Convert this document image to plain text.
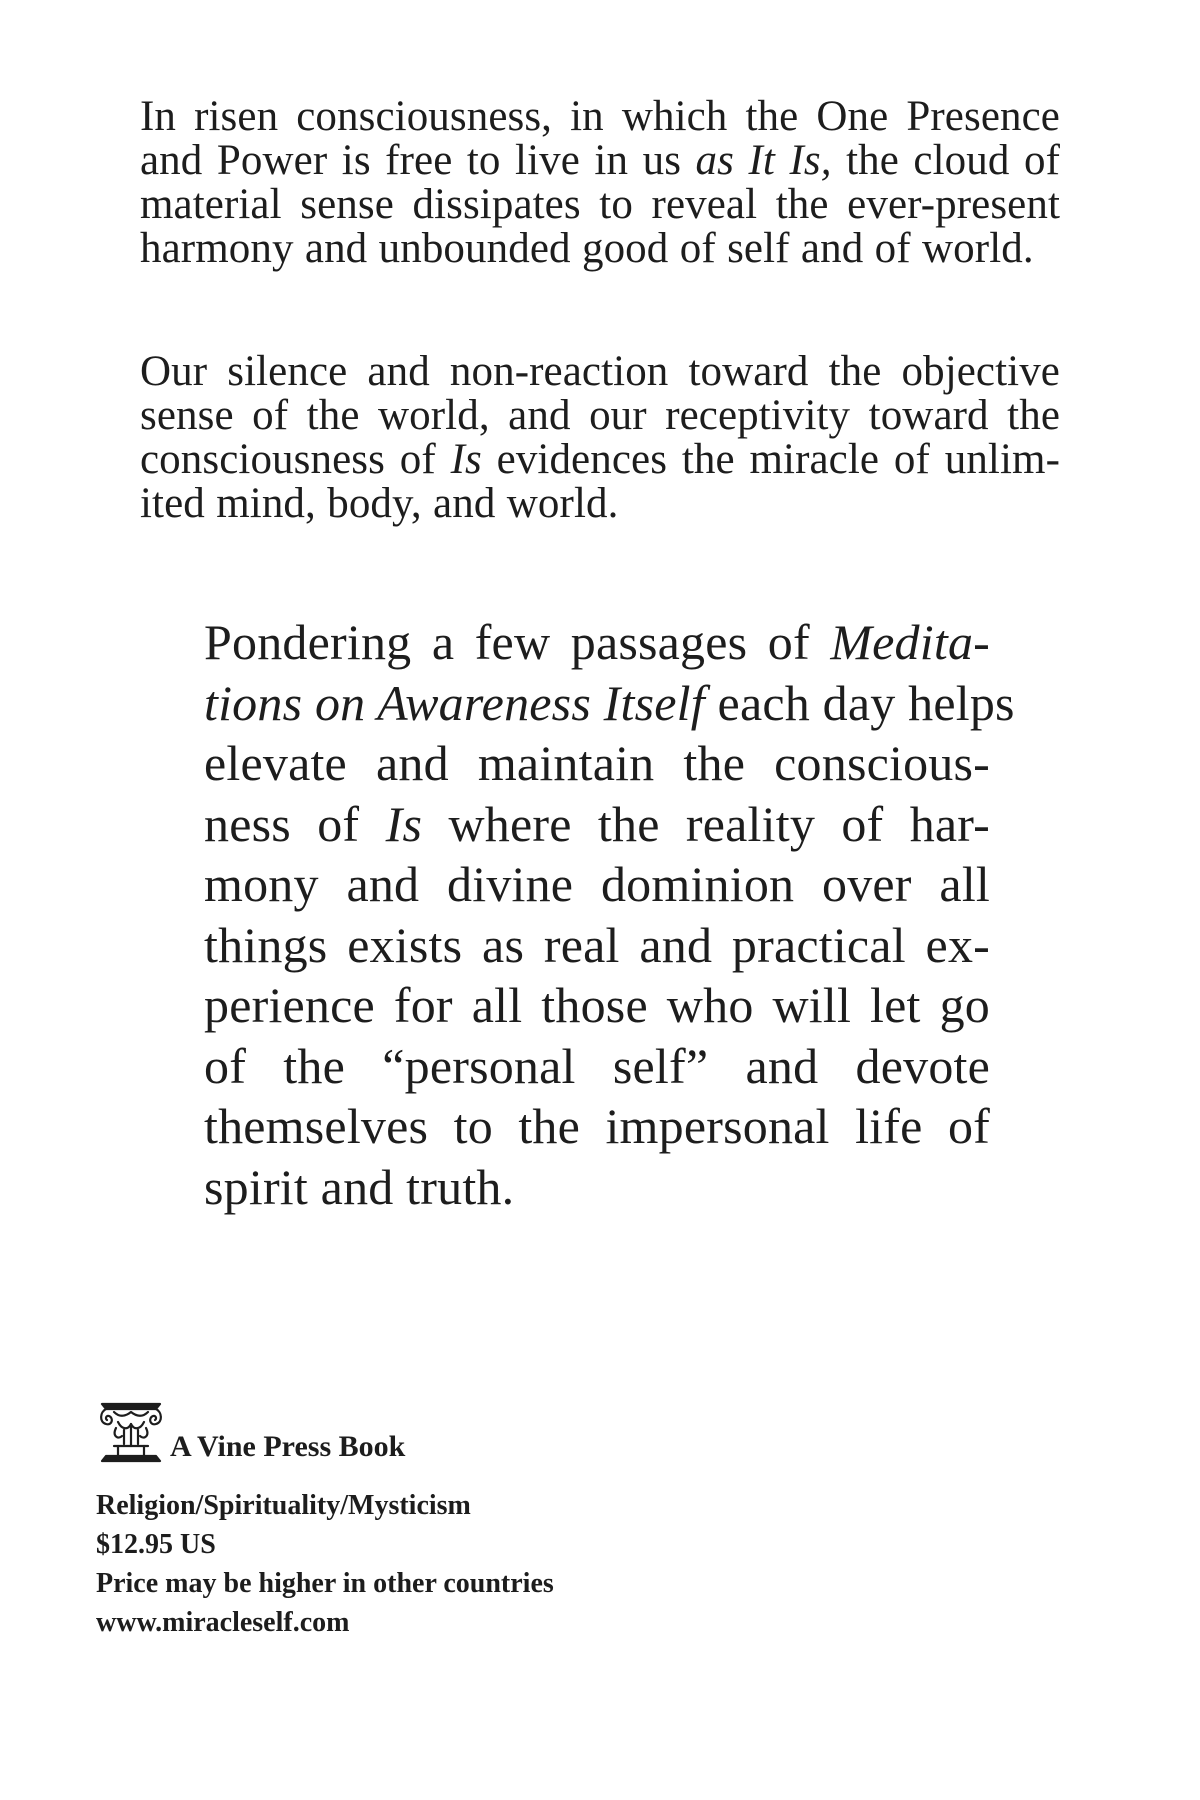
In risen consciousness, in which the One Presence
and Power is free to live in us as It Is, the cloud of
material sense dissipates to reveal the ever-present
harmony and unbounded good of self and of world.
Our silence and non-reaction toward the objective
sense of the world, and our receptivity toward the
consciousness of Is evidences the miracle of unlim-
ited mind, body, and world.
Pondering a few passages of Medita-
tions on Awareness Itself each day helps
elevate and maintain the conscious-
ness of Is where the reality of har-
mony and divine dominion over all
things exists as real and practical ex-
perience for all those who will let go
of the “personal self” and devote
themselves to the impersonal life of
spirit and truth.
A Vine Press Book
Religion/Spirituality/Mysticism
$12.95 US
Price may be higher in other countries
www.miracleself.com
